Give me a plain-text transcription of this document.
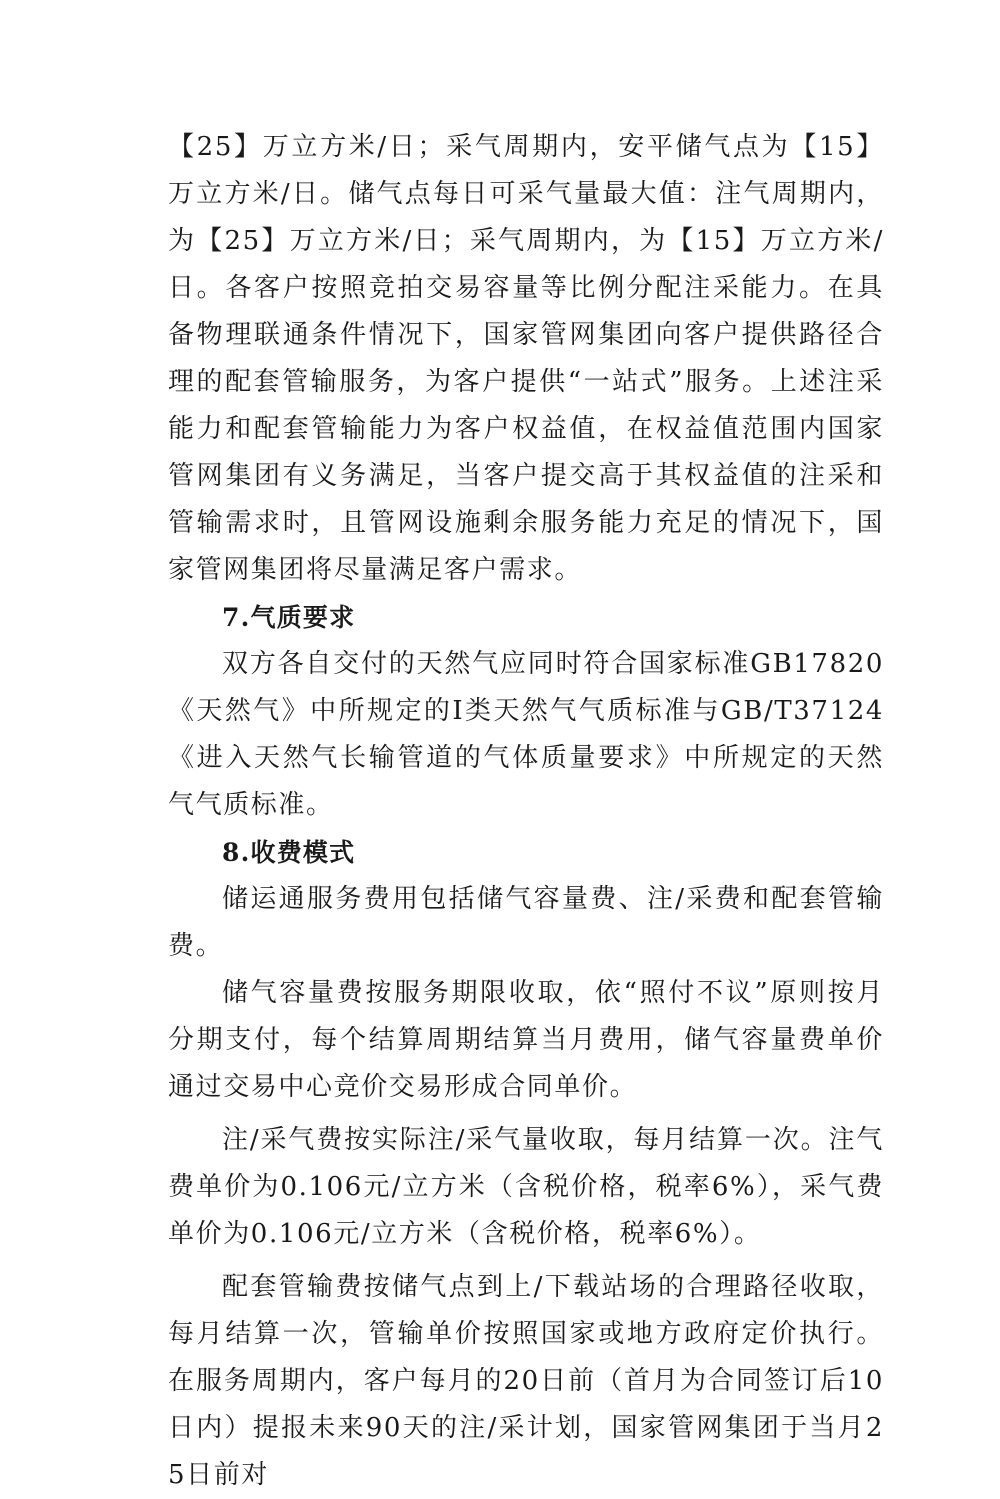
【25】万立方米/日；采气周期内，安平储气点为【15】万立方米/日。储气点每日可采气量最大值：注气周期内，为【25】万立方米/日；采气周期内，为【15】万立方米/日。各客户按照竞拍交易容量等比例分配注采能力。在具备物理联通条件情况下，国家管网集团向客户提供路径合理的配套管输服务，为客户提供“一站式”服务。上述注采能力和配套管输能力为客户权益值，在权益值范围内国家管网集团有义务满足，当客户提交高于其权益值的注采和管输需求时，且管网设施剩余服务能力充足的情况下，国家管网集团将尽量满足客户需求。

7.气质要求

双方各自交付的天然气应同时符合国家标准GB17820《天然气》中所规定的Ⅰ类天然气气质标准与GB/T37124《进入天然气长输管道的气体质量要求》中所规定的天然气气质标准。

8.收费模式

储运通服务费用包括储气容量费、注/采费和配套管输费。

储气容量费按服务期限收取，依“照付不议”原则按月分期支付，每个结算周期结算当月费用，储气容量费单价通过交易中心竞价交易形成合同单价。

注/采气费按实际注/采气量收取，每月结算一次。注气费单价为0.106元/立方米（含税价格，税率6%），采气费单价为0.106元/立方米（含税价格，税率6%）。

配套管输费按储气点到上/下载站场的合理路径收取，每月结算一次，管输单价按照国家或地方政府定价执行。在服务周期内，客户每月的20日前（首月为合同签订后10日内）提报未来90天的注/采计划，国家管网集团于当月25日前对
